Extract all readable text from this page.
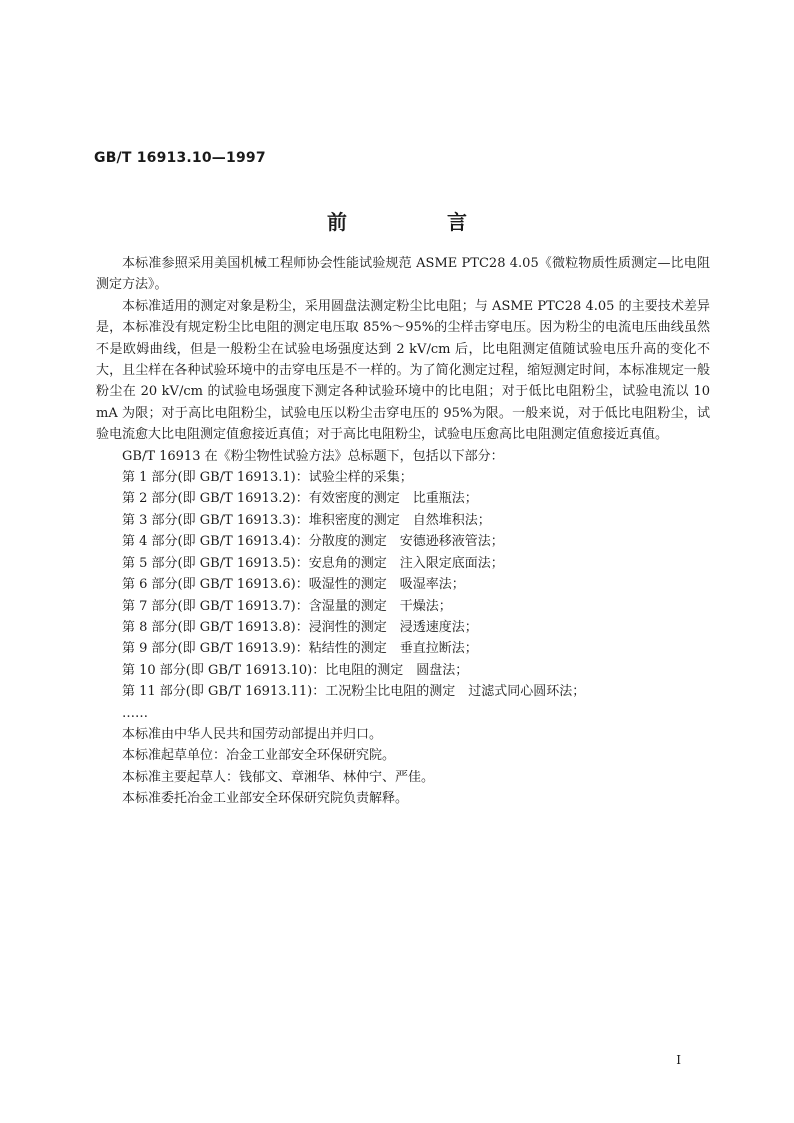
GB/T 16913.10—1997
前　言

本标准参照采用美国机械工程师协会性能试验规范 ASME PTC28 4.05《微粒物质性质测定—比电阻测定方法》。

本标准适用的测定对象是粉尘，采用圆盘法测定粉尘比电阻；与 ASME PTC28 4.05 的主要技术差异是，本标准没有规定粉尘比电阻的测定电压取 85%～95%的尘样击穿电压。因为粉尘的电流电压曲线虽然不是欧姆曲线，但是一般粉尘在试验电场强度达到 2 kV/cm 后，比电阻测定值随试验电压升高的变化不大，且尘样在各种试验环境中的击穿电压是不一样的。为了简化测定过程，缩短测定时间，本标准规定一般粉尘在 20 kV/cm 的试验电场强度下测定各种试验环境中的比电阻；对于低比电阻粉尘，试验电流以 10 mA 为限；对于高比电阻粉尘，试验电压以粉尘击穿电压的 95%为限。一般来说，对于低比电阻粉尘，试验电流愈大比电阻测定值愈接近真值；对于高比电阻粉尘，试验电压愈高比电阻测定值愈接近真值。

GB/T 16913 在《粉尘物性试验方法》总标题下，包括以下部分：

第 1 部分(即 GB/T 16913.1)：试验尘样的采集；
第 2 部分(即 GB/T 16913.2)：有效密度的测定　比重瓶法；
第 3 部分(即 GB/T 16913.3)：堆积密度的测定　自然堆积法；
第 4 部分(即 GB/T 16913.4)：分散度的测定　安德逊移液管法；
第 5 部分(即 GB/T 16913.5)：安息角的测定　注入限定底面法；
第 6 部分(即 GB/T 16913.6)：吸湿性的测定　吸湿率法；
第 7 部分(即 GB/T 16913.7)：含湿量的测定　干燥法；
第 8 部分(即 GB/T 16913.8)：浸润性的测定　浸透速度法；
第 9 部分(即 GB/T 16913.9)：粘结性的测定　垂直拉断法；
第 10 部分(即 GB/T 16913.10)：比电阻的测定　圆盘法；
第 11 部分(即 GB/T 16913.11)：工况粉尘比电阻的测定　过滤式同心圆环法；
……

本标准由中华人民共和国劳动部提出并归口。

本标准起草单位：冶金工业部安全环保研究院。

本标准主要起草人：钱郁文、章湘华、林仲宁、严佳。

本标准委托冶金工业部安全环保研究院负责解释。

I
